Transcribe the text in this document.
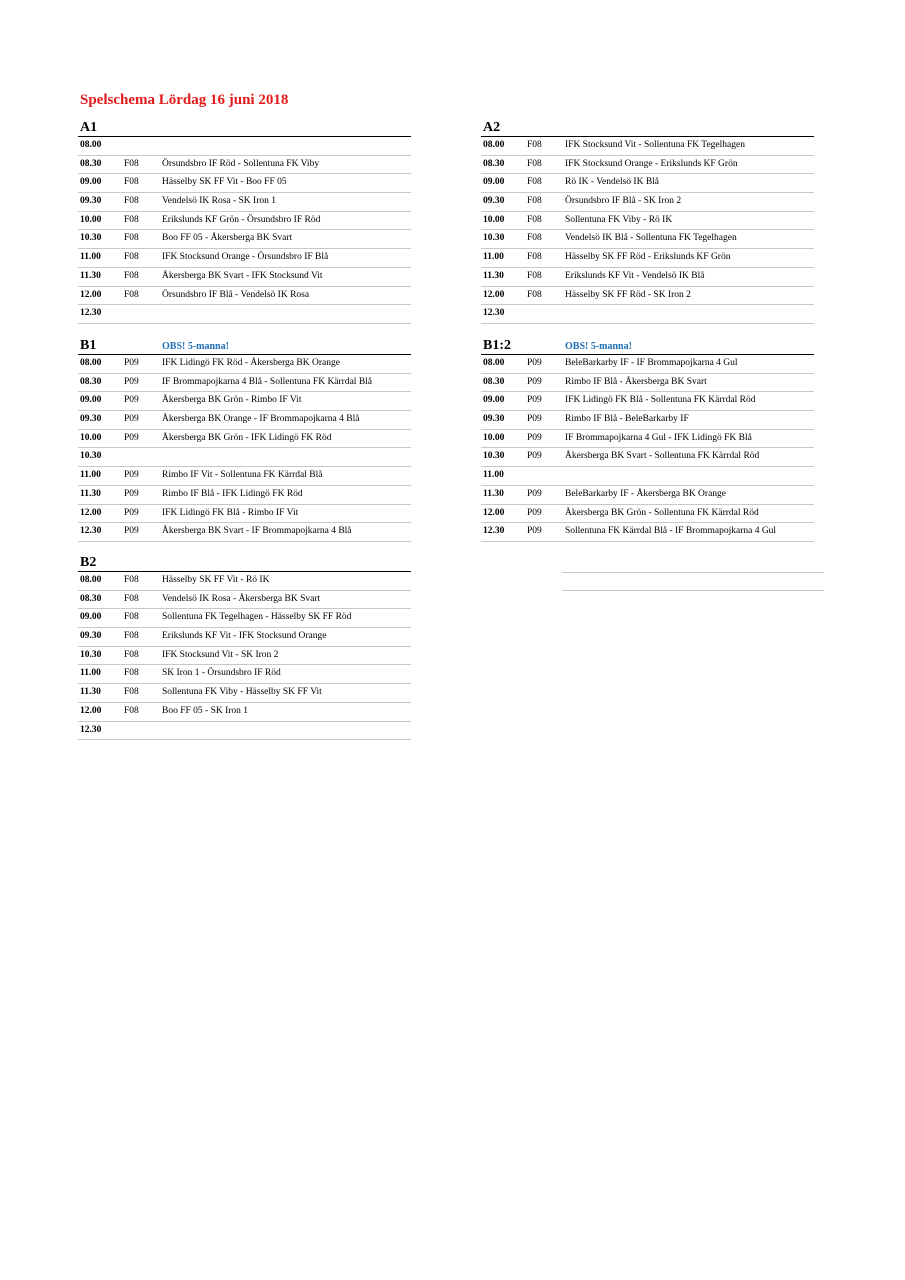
Spelschema Lördag 16 juni 2018
A1
08.00
08.30 F08 Örsundsbro IF Röd - Sollentuna FK Viby
09.00 F08 Hässelby SK FF Vit - Boo FF 05
09.30 F08 Vendelsö IK Rosa - SK Iron 1
10.00 F08 Erikslunds KF Grön - Örsundsbro IF Röd
10.30 F08 Boo FF 05 - Åkersberga BK Svart
11.00 F08 IFK Stocksund Orange - Örsundsbro IF Blå
11.30 F08 Åkersberga BK Svart - IFK Stocksund Vit
12.00 F08 Örsundsbro IF Blå - Vendelsö IK Rosa
12.30
A2
08.00 F08 IFK Stocksund Vit - Sollentuna FK Tegelhagen
08.30 F08 IFK Stocksund Orange - Erikslunds KF Grön
09.00 F08 Rö IK - Vendelsö IK Blå
09.30 F08 Örsundsbro IF Blå - SK Iron 2
10.00 F08 Sollentuna FK Viby - Rö IK
10.30 F08 Vendelsö IK Blå - Sollentuna FK Tegelhagen
11.00 F08 Hässelby SK FF Röd - Erikslunds KF Grön
11.30 F08 Erikslunds KF Vit - Vendelsö IK Blå
12.00 F08 Hässelby SK FF Röd - SK Iron 2
12.30
B1	OBS! 5-manna!
08.00 P09 IFK Lidingö FK Röd - Åkersberga BK Orange
08.30 P09 IF Brommapojkarna 4 Blå - Sollentuna FK Kärrdal Blå
09.00 P09 Åkersberga BK Grön - Rimbo IF Vit
09.30 P09 Åkersberga BK Orange - IF Brommapojkarna 4 Blå
10.00 P09 Åkersberga BK Grön - IFK Lidingö FK Röd
10.30
11.00 P09 Rimbo IF Vit - Sollentuna FK Kärrdal Blå
11.30 P09 Rimbo IF Blå - IFK Lidingö FK Röd
12.00 P09 IFK Lidingö FK Blå - Rimbo IF Vit
12.30 P09 Åkersberga BK Svart - IF Brommapojkarna 4 Blå
B1:2	OBS! 5-manna!
08.00 P09 BeleBarkarby IF - IF Brommapojkarna 4 Gul
08.30 P09 Rimbo IF Blå - Åkersberga BK Svart
09.00 P09 IFK Lidingö FK Blå - Sollentuna FK Kärrdal Röd
09.30 P09 Rimbo IF Blå - BeleBarkarby IF
10.00 P09 IF Brommapojkarna 4 Gul - IFK Lidingö FK Blå
10.30 P09 Åkersberga BK Svart - Sollentuna FK Kärrdal Röd
11.00
11.30 P09 BeleBarkarby IF - Åkersberga BK Orange
12.00 P09 Åkersberga BK Grön - Sollentuna FK Kärrdal Röd
12.30 P09 Sollentuna FK Kärrdal Blå - IF Brommapojkarna 4 Gul
B2
08.00 F08 Hässelby SK FF Vit - Rö IK
08.30 F08 Vendelsö IK Rosa - Åkersberga BK Svart
09.00 F08 Sollentuna FK Tegelhagen - Hässelby SK FF Röd
09.30 F08 Erikslunds KF Vit - IFK Stocksund Orange
10.30 F08 IFK Stocksund Vit - SK Iron 2
11.00 F08 SK Iron 1 - Örsundsbro IF Röd
11.30 F08 Sollentuna FK Viby - Hässelby SK FF Vit
12.00 F08 Boo FF 05 - SK Iron 1
12.30
